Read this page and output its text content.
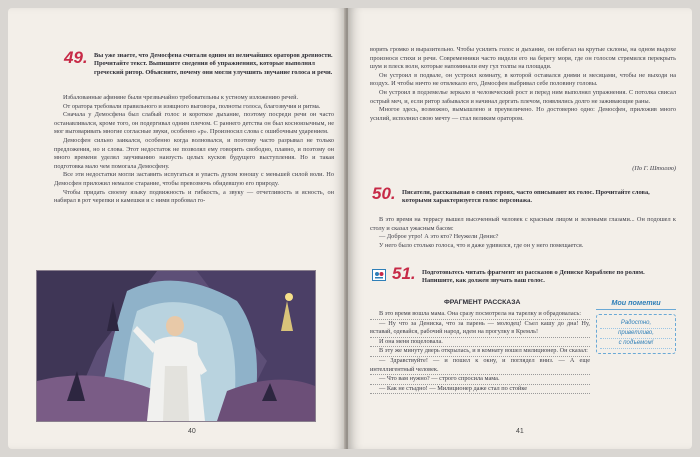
49. Вы уже знаете, что Демосфена считали одним из величайших ораторов древности. Прочитайте текст. Выпишите сведения об упражнениях, которые выполнял греческий ритор. Объясните, почему они могли улучшить звучание голоса и речи.

Избалованные афиняне были чрезвычайно требовательны к устному изложению речей.

От оратора требовали правильного и изящного выговора, полноты голоса, благозвучия и ритма.

Сначала у Демосфена был слабый голос и короткое дыхание, поэтому посреди речи он часто останавливался, кроме того, он подергивал одним плечом. С раннего детства он был косноязычным, не мог выговаривать многие согласные звуки, особенно «р». Произносил слова с ошибочным ударением.

Демосфен сильно заикался, особенно когда волновался, и поэтому часто разрывал не только предложения, но и слова. Этот недостаток не позволял ему говорить свободно, плавно, и поэтому он много времени уделял заучиванию наизусть целых кусков будущего выступления. Но и такая подготовка мало чем помогала Демосфену.

Все эти недостатки могли заставить испугаться и упасть духом юношу с меньшей силой воли. Но Демосфен приложил немалое старание, чтобы превозмочь обидевшую его природу.

Чтобы придать своему языку подвижность и гибкость, а звуку — отчетливость и ясность, он набирал в рот черепки и камешки и с ними пробовал го-

40

ворить громко и выразительно. Чтобы усилить голос и дыхание, он взбегал на крутые склоны, на одном выдохе произнося стихи и речи. Современники часто видели его на берегу моря, где он голосом стремился перекрыть шум и плеск волн, которые напоминали ему гул толпы на площади.

Он устроил в подвале, он устроил комнату, в которой оставался днями и месяцами, чтобы не выходя на воздух. И чтобы ничто не отвлекало его, Демосфен выбривал себе половину головы.

Он устроил в подземелье зеркало в человеческий рост и перед ним выполнял упражнения. С потолка свисал острый меч, и, если ритор забывался и начинал дергать плечом, появлялись долго не заживающие раны.

Многое здесь, возможно, вымышлено и преувеличено. Но достоверно одно: Демосфен, приложив много усилий, исполнил свою мечту — стал великим оратором.

(По Г. Штоллю)
50. Писатели, рассказывая о своих героях, часто описывают их голос. Прочитайте слова, которыми характеризуется голос персонажа.

В это время на террасу вышел высоченный человек с красным лицом и зелеными глазами... Он подошел к столу и сказал ужасным басом:

— Доброе утро! А это кто? Неужели Денис?

У него было столько голоса, что я даже удивился, где он у него помещается.

51. Подготовьтесь читать фрагмент из рассказов о Денискe Кораблеве по ролям. Напишите, как должен звучать ваш голос.
ФРАГМЕНТ РАССКАЗА

В это время вошла мама. Она сразу посмотрела на тарелку и обрадовалась:

— Ну что за Дениска, что за парень — молодец! Съел кашу до дна! Ну, вставай, одевайся, рабочий народ, идем на прогулку в Кремль!

И она меня поцеловала.

В эту же минуту дверь открылась, и в комнату вошел милиционер. Он сказал:

— Здравствуйте! — и пошел к окну, и поглядел вниз. — А еще интеллигентный человек.

— Что вам нужно? — строго спросила мама.

— Как не стыдно! — Милиционер даже стал по стойке

Мои пометки
Радостно,
приветливо,
с подъемом!
41
